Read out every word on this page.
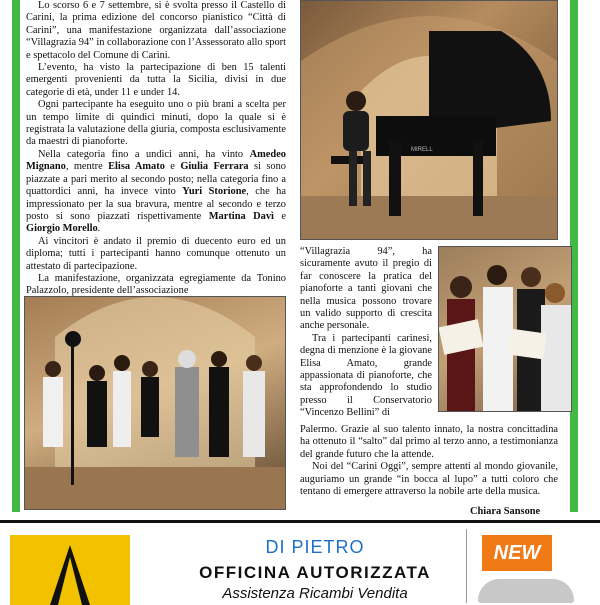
Lo scorso 6 e 7 settembre, si è svolta presso il Castello di Carini, la prima edizione del concorso pianistico “Città di Carini”, una manifestazione organizzata dall’associazione “Villagrazia 94” in collaborazione con l’Assessorato allo sport e spettacolo del Comune di Carini.

L’evento, ha visto la partecipazione di ben 15 talenti emergenti provenienti da tutta la Sicilia, divisi in due categorie di età, under 11 e under 14.

Ogni partecipante ha eseguito uno o più brani a scelta per un tempo limite di quindici minuti, dopo la quale si è registrata la valutazione della giuria, composta esclusivamente da maestri di pianoforte.

Nella categoria fino a undici anni, ha vinto Amedeo Mignano, mentre Elisa Amato e Giulia Ferrara si sono piazzate a pari merito al secondo posto; nella categoria fino a quattordici anni, ha invece vinto Yuri Storione, che ha impressionato per la sua bravura, mentre al secondo e terzo posto si sono piazzati rispettivamente Martina Davì e Giorgio Morello.

Ai vincitori è andato il premio di duecento euro ed un diploma; tutti i partecipanti hanno comunque ottenuto un attestato di partecipazione.

La manifestazione, organizzata egregiamente da Tonino Palazzolo, presidente dell’associazione

MIRELL

“Villagrazia 94”, ha sicuramente avuto il pregio di far conoscere la pratica del pianoforte a tanti giovani che nella musica possono trovare un valido supporto di crescita anche personale.

Tra i partecipanti carinesi, degna di menzione è la giovane Elisa Amato, grande appassionata di pianoforte, che sta approfondendo lo studio presso il Conservatorio “Vincenzo Bellini” di

Palermo. Grazie al suo talento innato, la nostra concittadina ha ottenuto il “salto” dal primo al terzo anno, a testimonianza del grande futuro che la attende.

Noi del “Carini Oggi”, sempre attenti al mondo giovanile, auguriamo un grande “in bocca al lupo” a tutti coloro che tentano di emergere attraverso la nobile arte della musica.

Chiara Sansone
DI PIETRO
OFFICINA AUTORIZZATA
Assistenza Ricambi Vendita
NEW
